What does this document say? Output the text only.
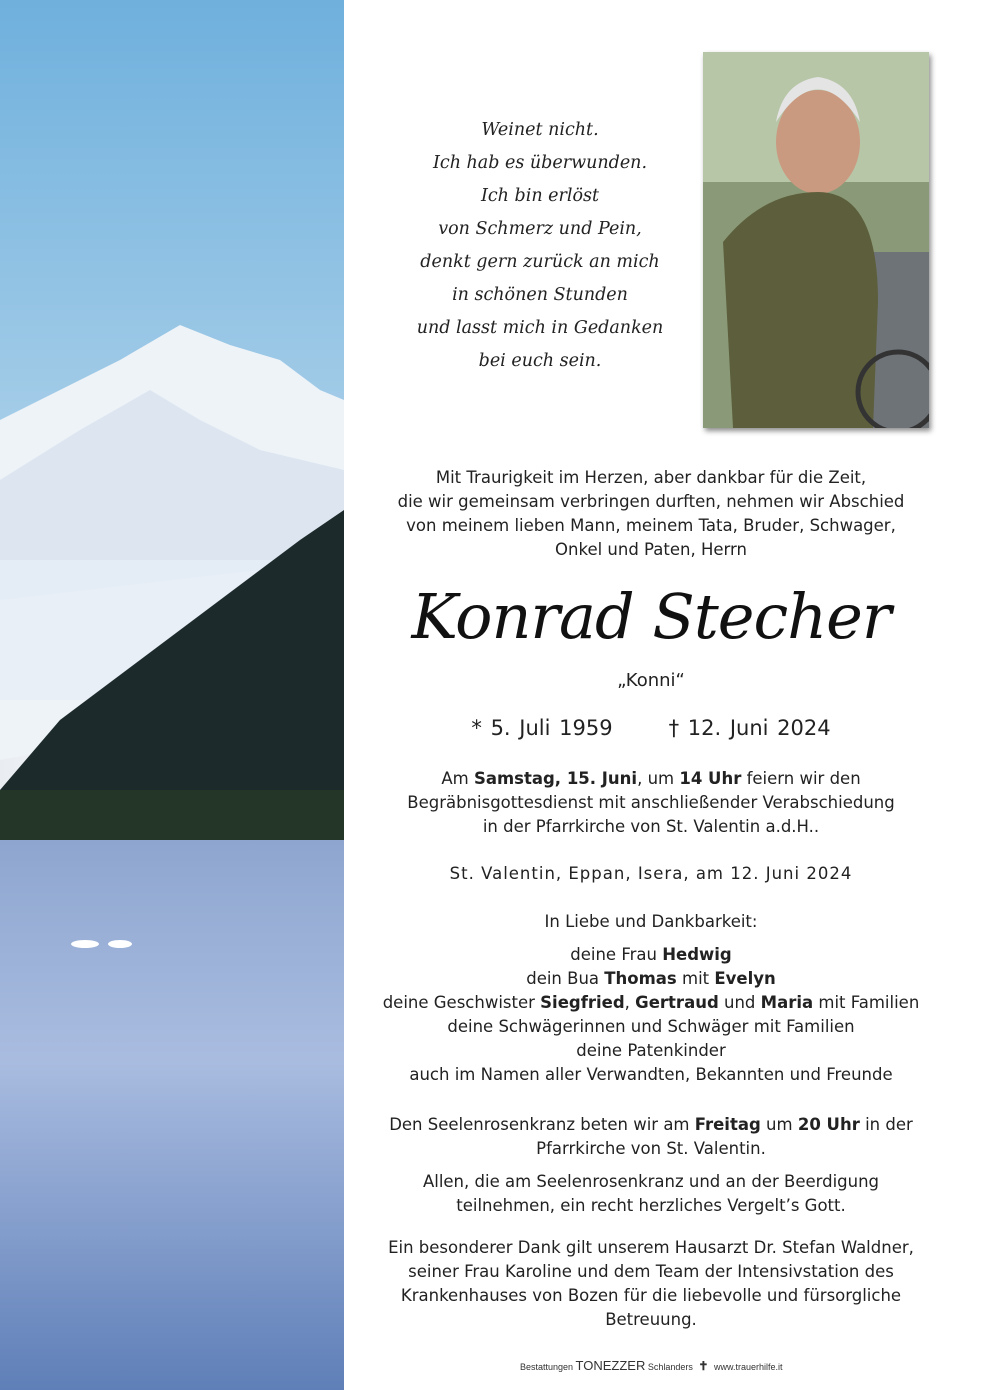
Weinet nicht.
Ich hab es überwunden.
Ich bin erlöst
von Schmerz und Pein,
denkt gern zurück an mich
in schönen Stunden
und lasst mich in Gedanken
bei euch sein.
Mit Traurigkeit im Herzen, aber dankbar für die Zeit,
die wir gemeinsam verbringen durften, nehmen wir Abschied
von meinem lieben Mann, meinem Tata, Bruder, Schwager,
Onkel und Paten, Herrn
Konrad Stecher
„Konni“
* 5. Juli 1959	† 12. Juni 2024
Am Samstag, 15. Juni, um 14 Uhr feiern wir den
Begräbnisgottesdienst mit anschließender Verabschiedung
in der Pfarrkirche von St. Valentin a.d.H..
St. Valentin, Eppan, Isera, am 12. Juni 2024
In Liebe und Dankbarkeit:
deine Frau Hedwig
dein Bua Thomas mit Evelyn
deine Geschwister Siegfried, Gertraud und Maria mit Familien
deine Schwägerinnen und Schwäger mit Familien
deine Patenkinder
auch im Namen aller Verwandten, Bekannten und Freunde
Den Seelenrosenkranz beten wir am Freitag um 20 Uhr in der
Pfarrkirche von St. Valentin.
Allen, die am Seelenrosenkranz und an der Beerdigung
teilnehmen, ein recht herzliches Vergelt’s Gott.
Ein besonderer Dank gilt unserem Hausarzt Dr. Stefan Waldner,
seiner Frau Karoline und dem Team der Intensivstation des
Krankenhauses von Bozen für die liebevolle und fürsorgliche
Betreuung.
Bestattungen TONEZZER Schlanders ✝ www.trauerhilfe.it
